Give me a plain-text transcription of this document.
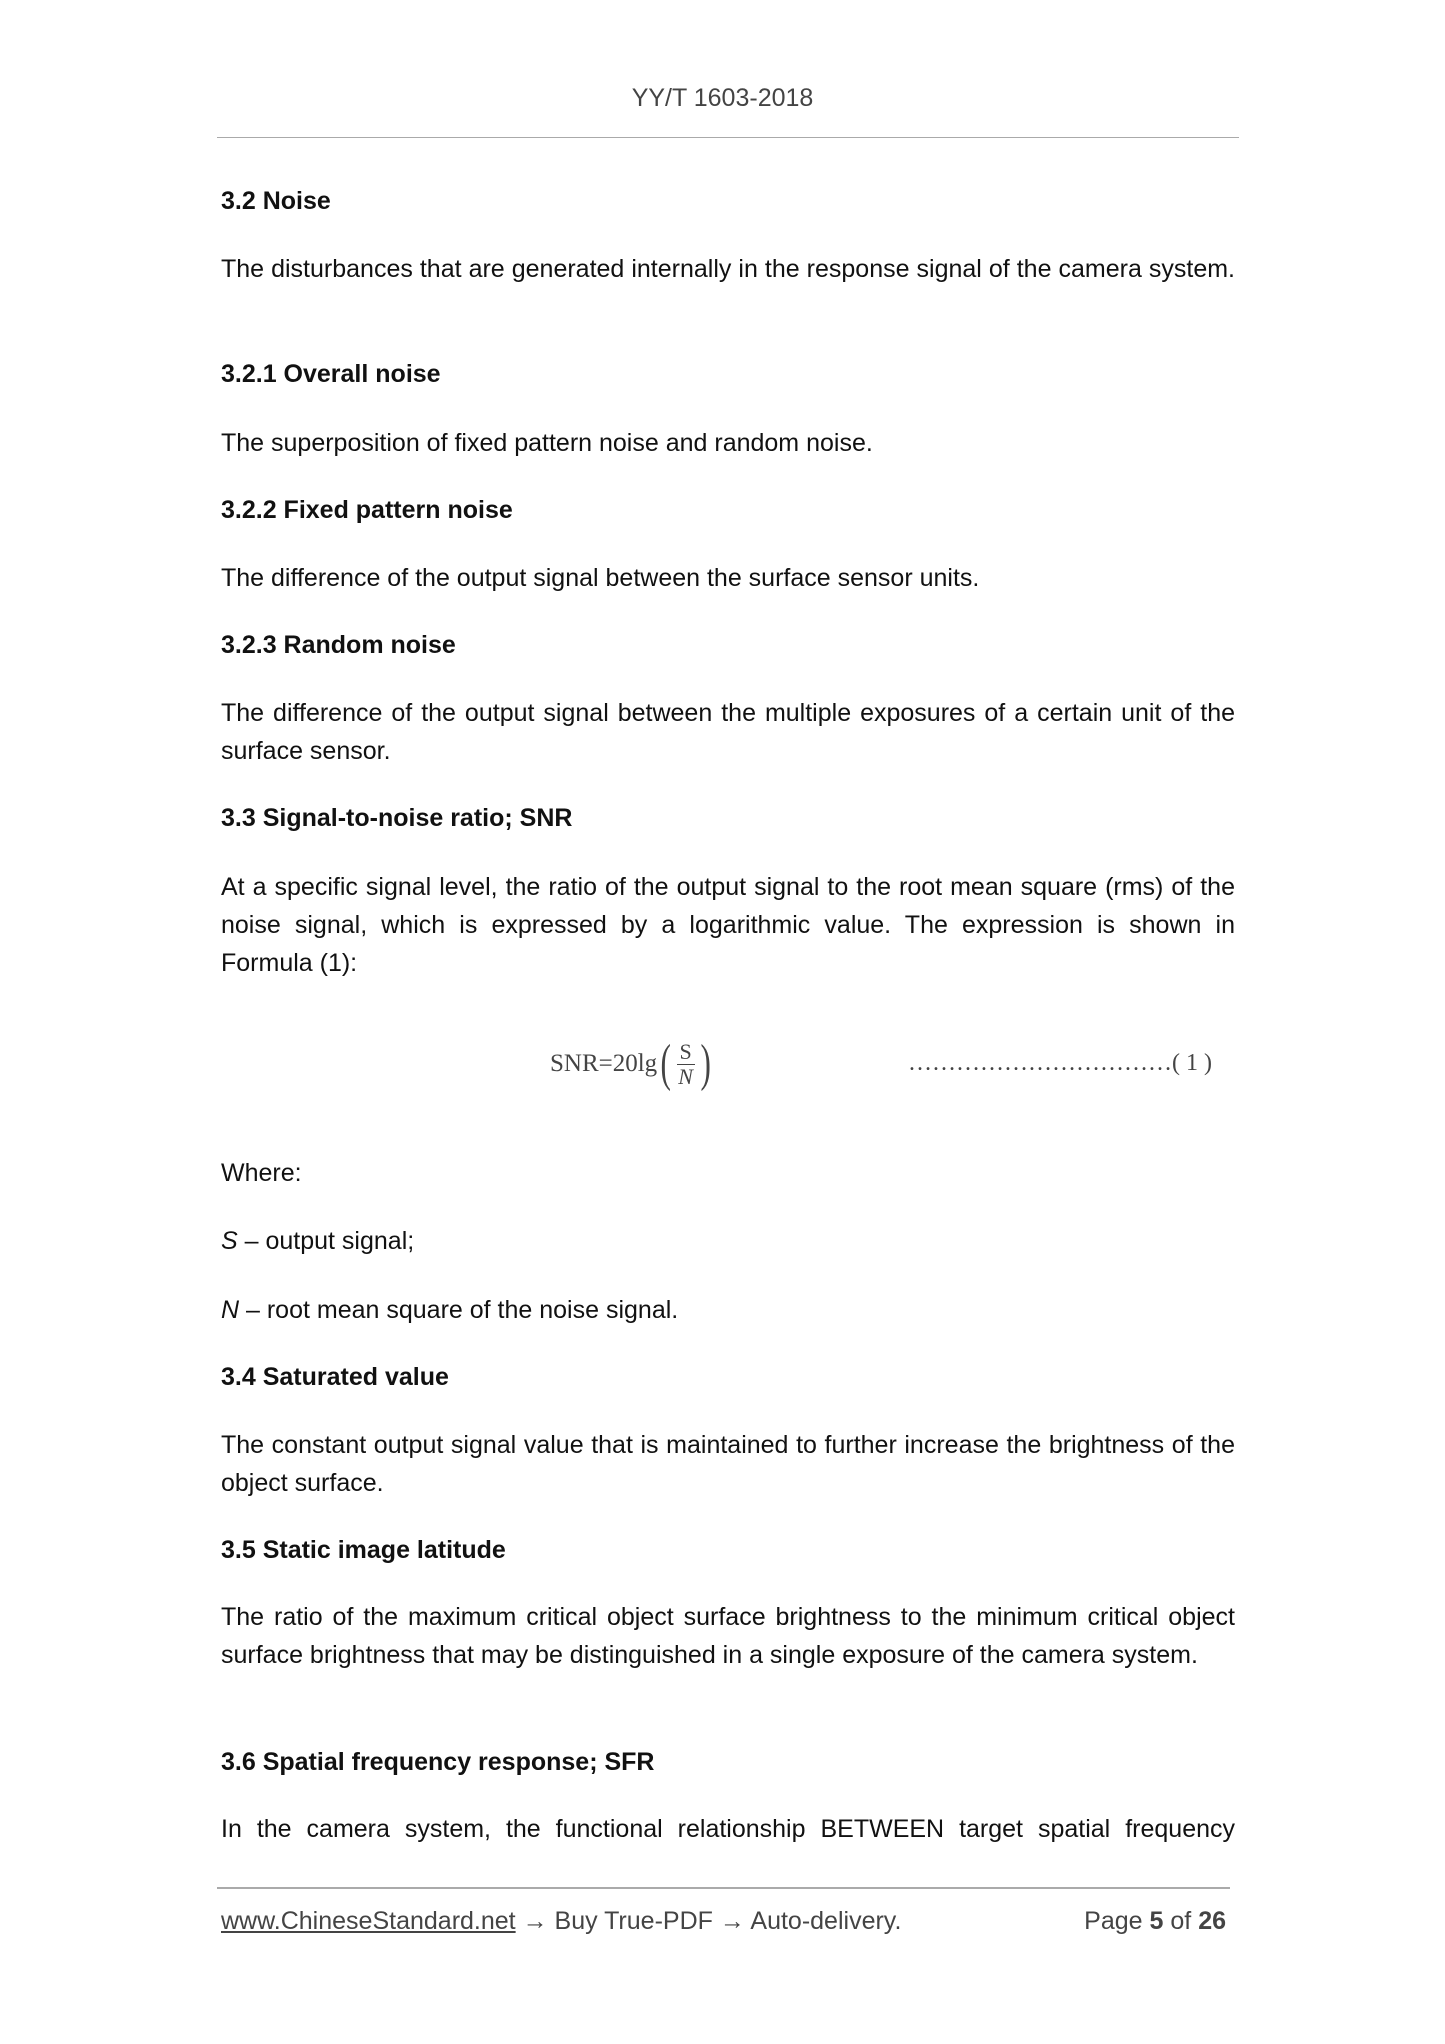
YY/T 1603-2018
3.2 Noise
The disturbances that are generated internally in the response signal of the camera system.
3.2.1 Overall noise
The superposition of fixed pattern noise and random noise.
3.2.2 Fixed pattern noise
The difference of the output signal between the surface sensor units.
3.2.3 Random noise
The difference of the output signal between the multiple exposures of a certain unit of the surface sensor.
3.3 Signal-to-noise ratio; SNR
At a specific signal level, the ratio of the output signal to the root mean square (rms) of the noise signal, which is expressed by a logarithmic value. The expression is shown in Formula (1):
SNR=20lg ( $\frac{S}{N}$ )	……………………………( 1 )
Where:
S – output signal;
N – root mean square of the noise signal.
3.4 Saturated value
The constant output signal value that is maintained to further increase the brightness of the object surface.
3.5 Static image latitude
The ratio of the maximum critical object surface brightness to the minimum critical object surface brightness that may be distinguished in a single exposure of the camera system.
3.6 Spatial frequency response; SFR
In the camera system, the functional relationship BETWEEN target spatial frequency
www.ChineseStandard.net → Buy True-PDF → Auto-delivery.	Page 5 of 26
